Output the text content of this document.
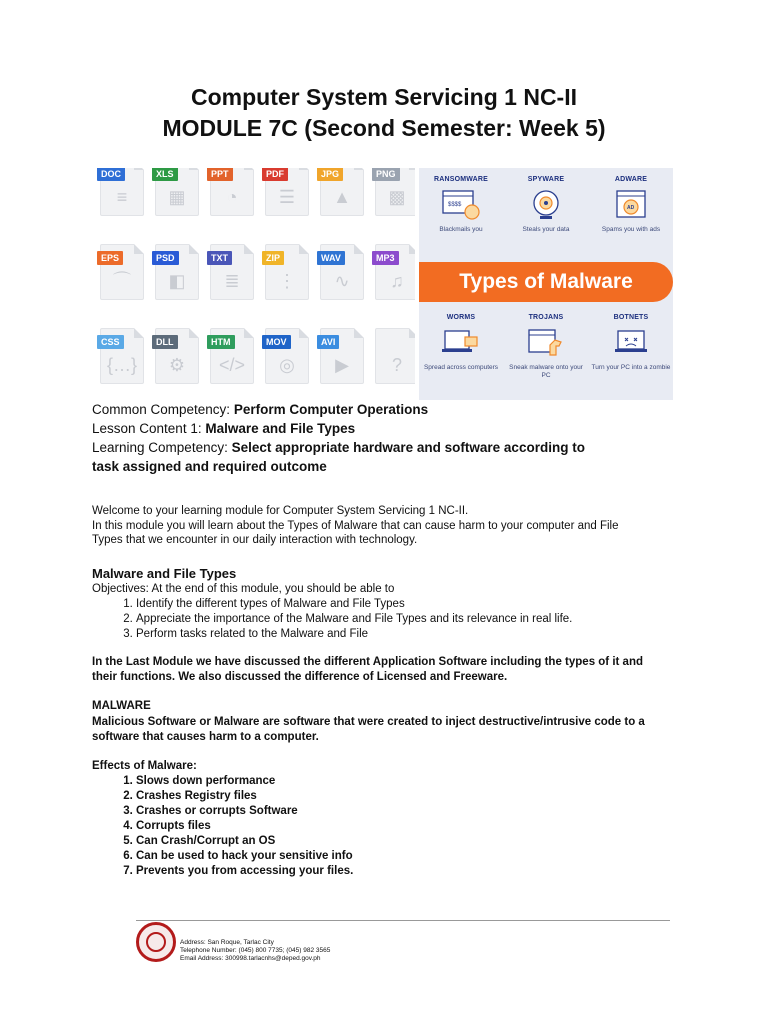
Computer System Servicing 1 NC-II
MODULE 7C (Second Semester: Week 5)
DOC
≡
XLS
▦
PPT
◔
PDF
☰
JPG
▲
PNG
▩
EPS
⌒
PSD
◧
TXT
≣
ZIP
⋮
WAV
∿
MP3
♫
CSS
{…}
DLL
⚙
HTM
</>
MOV
◎
AVI
▶	?
RANSOMWARE
$$$$
Blackmails you
SPYWARE
Steals your data
ADWARE
AD
Spams you with ads
Types of Malware
WORMS
Spread across computers
TROJANS
Sneak malware onto your PC
BOTNETS
Turn your PC into a zombie
Common Competency: Perform Computer Operations
Lesson Content 1: Malware and File Types
Learning Competency: Select appropriate hardware and software according to
task assigned and required outcome
Welcome to your learning module for Computer System Servicing 1 NC-II.
In this module you will learn about the Types of Malware that can cause harm to your computer and File
Types that we encounter in our daily interaction with technology.
Malware and File Types
Objectives: At the end of this module, you should be able to
1. Identify the different types of Malware and File Types
2. Appreciate the importance of the Malware and File Types and its relevance in real life.
3. Perform tasks related to the Malware and File
In the Last Module we have discussed the different Application Software including the types of it and
their functions. We also discussed the difference of Licensed and Freeware.
MALWARE
Malicious Software or Malware are software that were created to inject destructive/intrusive code to a
software that causes harm to a computer.
Effects of Malware:
1. Slows down performance
2. Crashes Registry files
3. Crashes or corrupts Software
4. Corrupts files
5. Can Crash/Corrupt an OS
6. Can be used to hack your sensitive info
7. Prevents you from accessing your files.
Address: San Roque, Tarlac City
Telephone Number: (045) 800 7735; (045) 982 3565
Email Address: 300998.tarlacnhs@deped.gov.ph
